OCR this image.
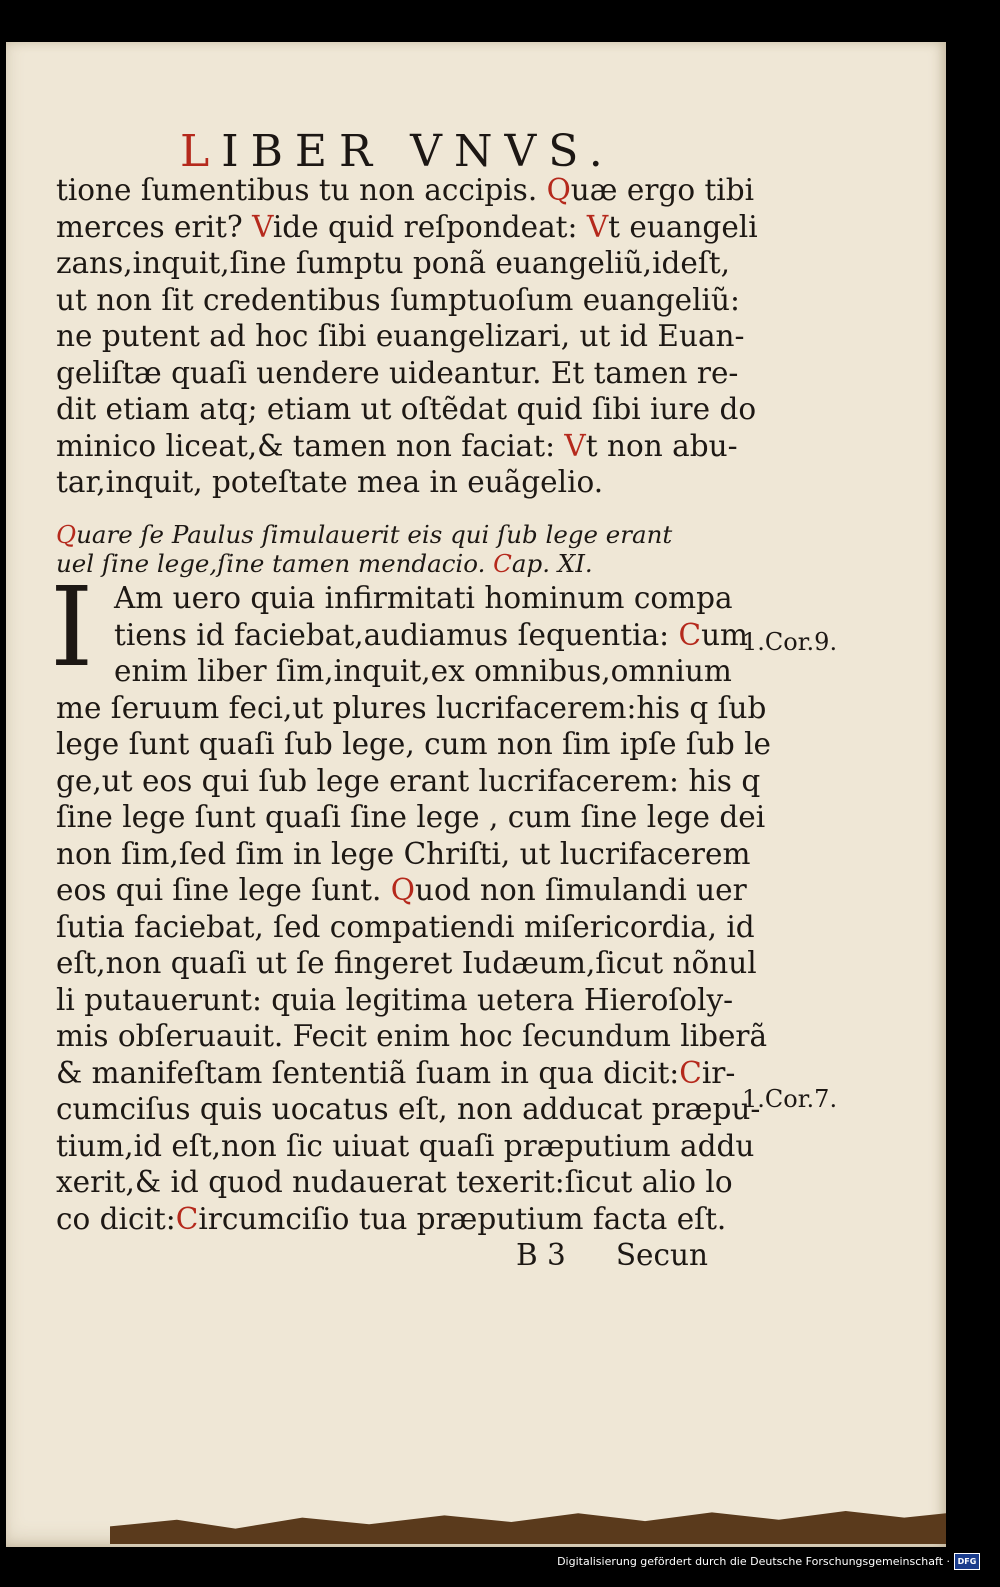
LIBER VNVS.
tione ſumentibus tu non accipis. Quæ ergo tibi
merces erit? Vide quid reſpondeat: Vt euangeli
zans,inquit,ſine ſumptu ponã euangeliũ,ideſt,
ut non ſit credentibus ſumptuoſum euangeliũ:
ne putent ad hoc ſibi euangelizari, ut id Euan-
geliſtæ quaſi uendere uideantur. Et tamen re-
dit etiam atq; etiam ut oſtẽdat quid ſibi iure do
minico liceat,& tamen non faciat: Vt non abu-
tar,inquit, poteſtate mea in euãgelio.
Quare ſe Paulus ſimulauerit eis qui ſub lege erant
uel ſine lege,ſine tamen mendacio. Cap. XI.
I Am uero quia infirmitati hominum compa
tiens id faciebat,audiamus ſequentia: Cum
enim liber ſim,inquit,ex omnibus,omnium
me ſeruum feci,ut plures lucrifacerem:his q ſub
lege ſunt quaſi ſub lege, cum non ſim ipſe ſub le
ge,ut eos qui ſub lege erant lucrifacerem: his q
ſine lege ſunt quaſi ſine lege , cum ſine lege dei
non ſim,ſed ſim in lege Chriſti, ut lucrifacerem
eos qui ſine lege ſunt. Quod non ſimulandi uer
ſutia faciebat, ſed compatiendi miſericordia, id
eſt,non quaſi ut ſe fingeret Iudæum,ſicut nõnul
li putauerunt: quia legitima uetera Hieroſoly-
mis obſeruauit. Fecit enim hoc ſecundum liberã
& manifeſtam ſententiã ſuam in qua dicit:Cir-
cumciſus quis uocatus eſt, non adducat præpu-
tium,id eſt,non ſic uiuat quaſi præputium addu
xerit,& id quod nudauerat texerit:ſicut alio lo
co dicit:Circumciſio tua præputium facta eſt.
B 3 Secun
1.Cor.9.
1.Cor.7.
Digitalisierung gefördert durch die Deutsche Forschungsgemeinschaft · DFG
